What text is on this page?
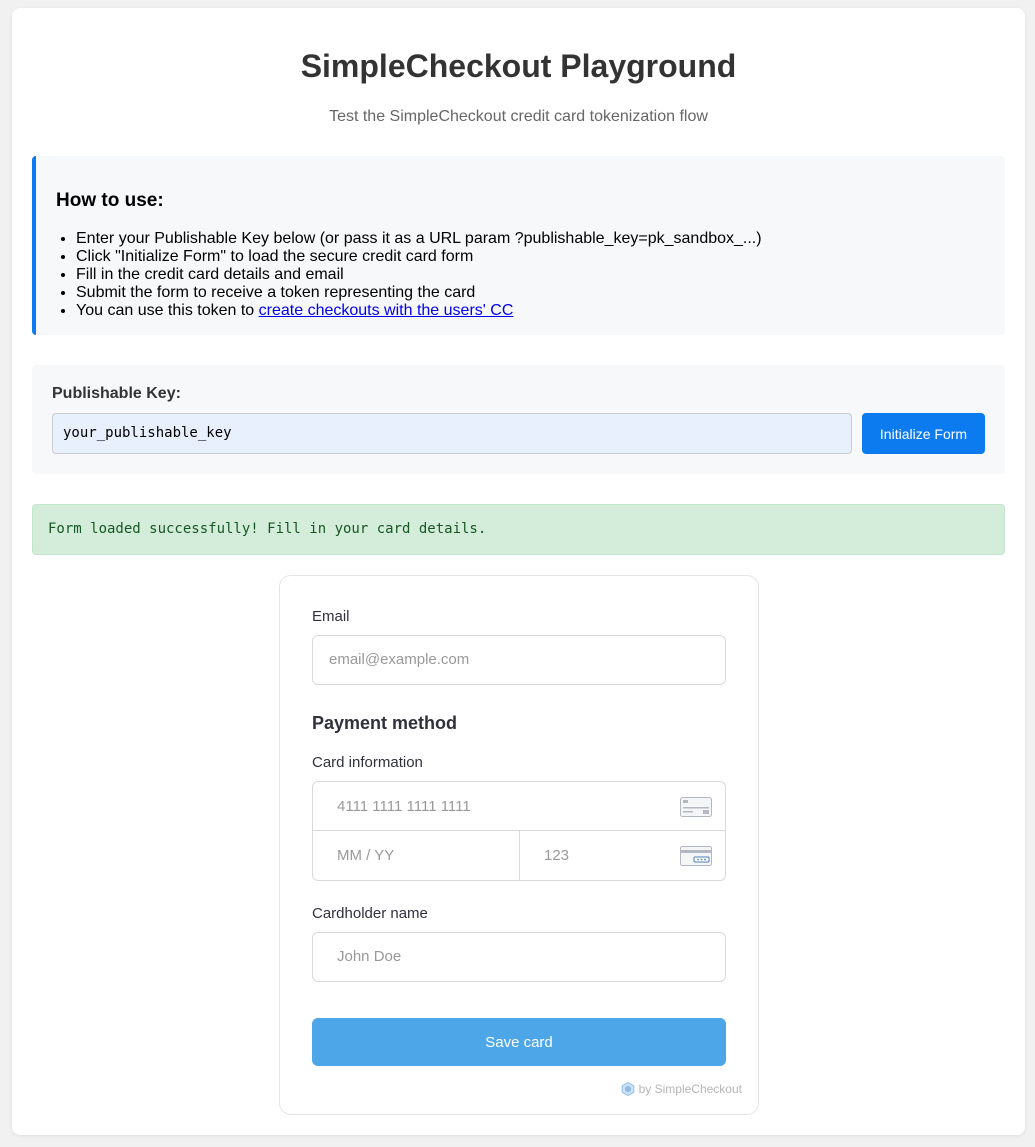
SimpleCheckout Playground

Test the SimpleCheckout credit card tokenization flow

How to use:
• Enter your Publishable Key below (or pass it as a URL param ?publishable_key=pk_sandbox_...)
• Click "Initialize Form" to load the secure credit card form
• Fill in the credit card details and email
• Submit the form to receive a token representing the card
• You can use this token to create checkouts with the users' CC
Publishable Key:
your_publishable_key	Initialize Form
Form loaded successfully! Fill in your card details.
Email
email@example.com
Payment method
Card information
4111 1111 1111 1111
MM / YY	123
Cardholder name
John Doe
Save card
by SimpleCheckout
